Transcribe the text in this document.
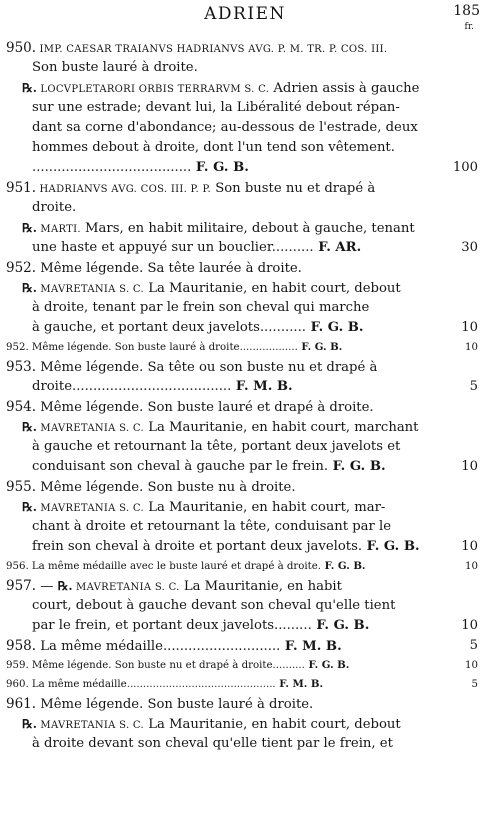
ADRIEN	185
fr.
950. IMP. CAESAR TRAIANVS HADRIANVS AVG. P. M. TR. P. COS. III.
Son buste lauré à droite.
℞. LOCVPLETARORI ORBIS TERRARVM S. C. Adrien assis à gauche
sur une estrade; devant lui, la Libéralité debout répan-
dant sa corne d'abondance; au-dessous de l'estrade, deux
hommes debout à droite, dont l'un tend son vêtement.
...................................... F. G. B.	100
951. HADRIANVS AVG. COS. III. P. P. Son buste nu et drapé à
droite.
℞. MARTI. Mars, en habit militaire, debout à gauche, tenant
une haste et appuyé sur un bouclier.......... F. AR.	30
952. Même légende. Sa tête laurée à droite.
℞. MAVRETANIA S. C. La Mauritanie, en habit court, debout
à droite, tenant par le frein son cheval qui marche
à gauche, et portant deux javelots........... F. G. B.	10
952. Même légende. Son buste lauré à droite.................. F. G. B.	10
953. Même légende. Sa tête ou son buste nu et drapé à
droite...................................... F. M. B.	5
954. Même légende. Son buste lauré et drapé à droite.
℞. MAVRETANIA S. C. La Mauritanie, en habit court, marchant
à gauche et retournant la tête, portant deux javelots et
conduisant son cheval à gauche par le frein. F. G. B.	10
955. Même légende. Son buste nu à droite.
℞. MAVRETANIA S. C. La Mauritanie, en habit court, mar-
chant à droite et retournant la tête, conduisant par le
frein son cheval à droite et portant deux javelots. F. G. B.	10
956. La même médaille avec le buste lauré et drapé à droite. F. G. B.	10
957. — ℞. MAVRETANIA S. C. La Mauritanie, en habit
court, debout à gauche devant son cheval qu'elle tient
par le frein, et portant deux javelots......... F. G. B.	10
958. La même médaille............................ F. M. B.	5
959. Même légende. Son buste nu et drapé à droite.......... F. G. B.	10
960. La même médaille.............................................. F. M. B.	5
961. Même légende. Son buste lauré à droite.
℞. MAVRETANIA S. C. La Mauritanie, en habit court, debout
à droite devant son cheval qu'elle tient par le frein, et
